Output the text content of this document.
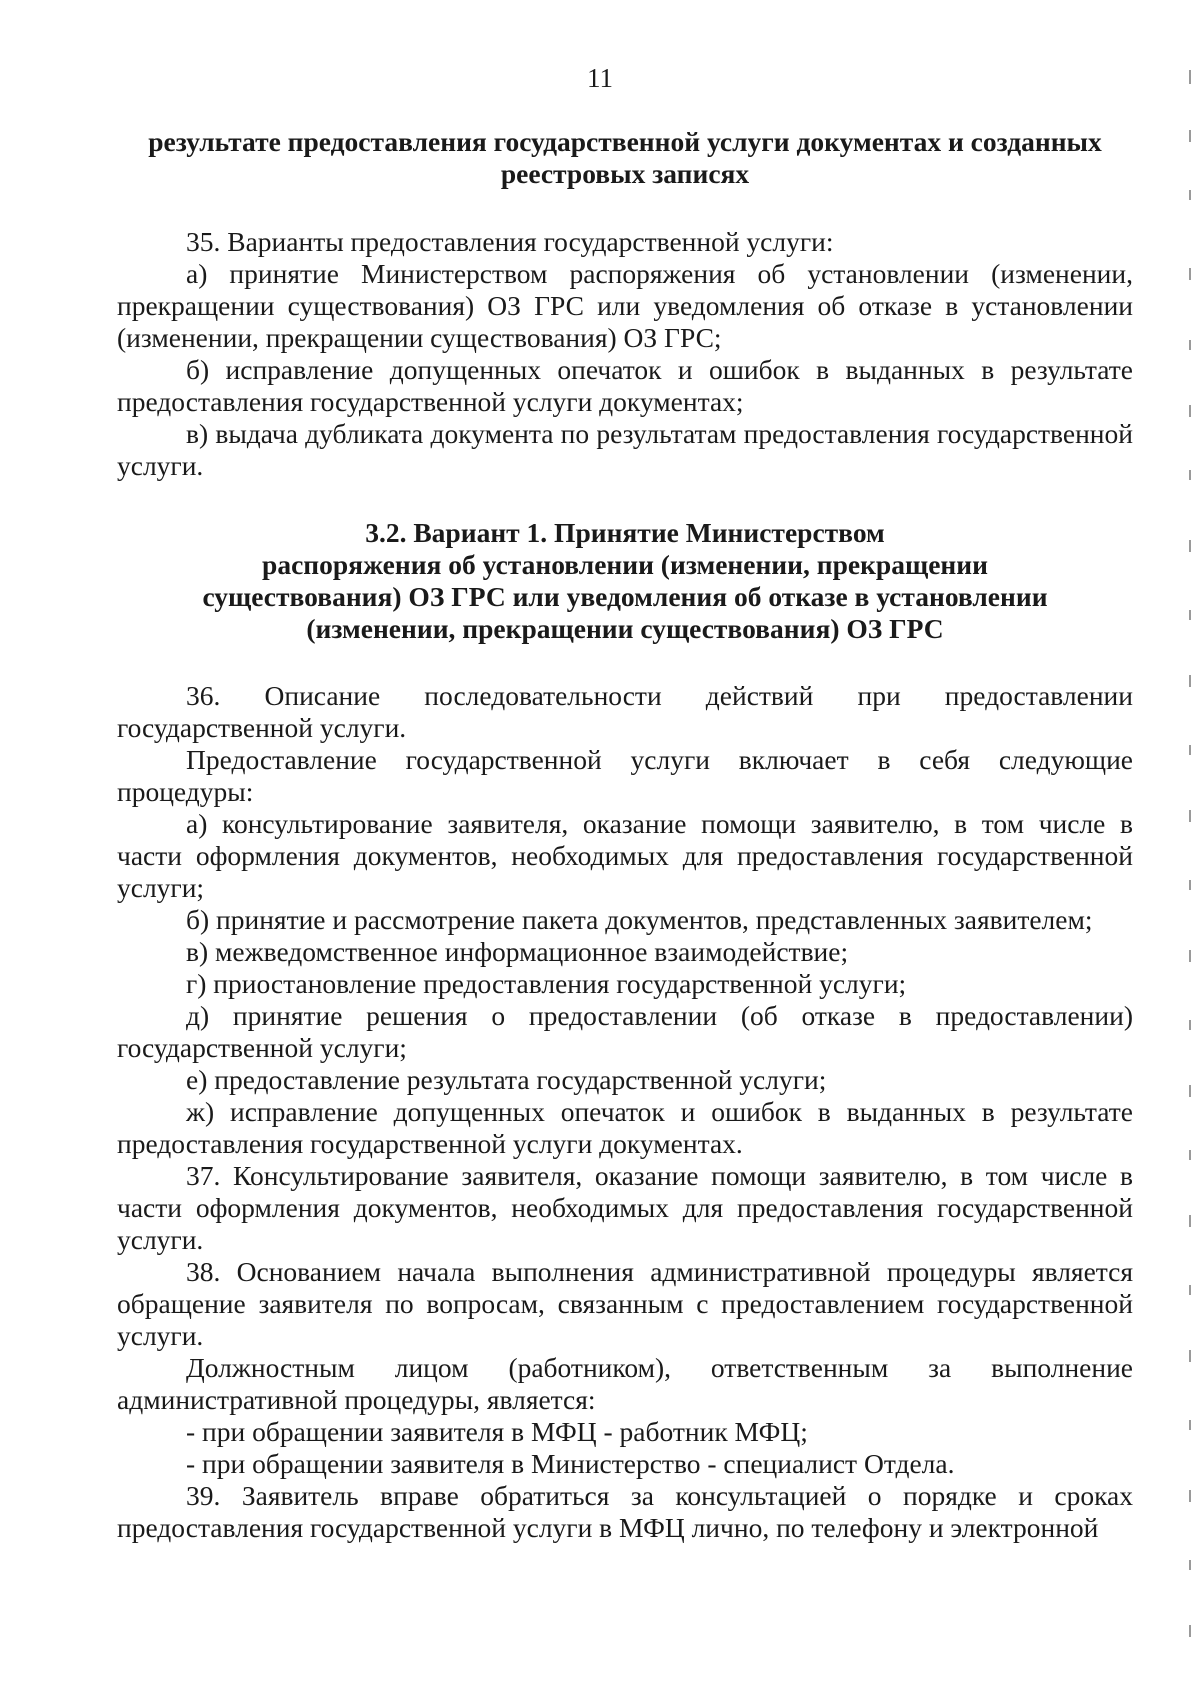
11
результате предоставления государственной услуги документах и созданных
реестровых записях

35. Варианты предоставления государственной услуги:

а) принятие Министерством распоряжения об установлении (изменении, прекращении существования) ОЗ ГРС или уведомления об отказе в установлении (изменении, прекращении существования) ОЗ ГРС;

б) исправление допущенных опечаток и ошибок в выданных в результате предоставления государственной услуги документах;

в) выдача дубликата документа по результатам предоставления государственной услуги.

3.2. Вариант 1. Принятие Министерством
распоряжения об установлении (изменении, прекращении
существования) ОЗ ГРС или уведомления об отказе в установлении
(изменении, прекращении существования) ОЗ ГРС

36. Описание последовательности действий при предоставлении государственной услуги.

Предоставление государственной услуги включает в себя следующие процедуры:

а) консультирование заявителя, оказание помощи заявителю, в том числе в части оформления документов, необходимых для предоставления государственной услуги;

б) принятие и рассмотрение пакета документов, представленных заявителем;

в) межведомственное информационное взаимодействие;

г) приостановление предоставления государственной услуги;

д) принятие решения о предоставлении (об отказе в предоставлении) государственной услуги;

е) предоставление результата государственной услуги;

ж) исправление допущенных опечаток и ошибок в выданных в результате предоставления государственной услуги документах.

37. Консультирование заявителя, оказание помощи заявителю, в том числе в части оформления документов, необходимых для предоставления государственной услуги.

38. Основанием начала выполнения административной процедуры является обращение заявителя по вопросам, связанным с предоставлением государственной услуги.

Должностным лицом (работником), ответственным за выполнение административной процедуры, является:

- при обращении заявителя в МФЦ - работник МФЦ;

- при обращении заявителя в Министерство - специалист Отдела.

39. Заявитель вправе обратиться за консультацией о порядке и сроках предоставления государственной услуги в МФЦ лично, по телефону и электронной
